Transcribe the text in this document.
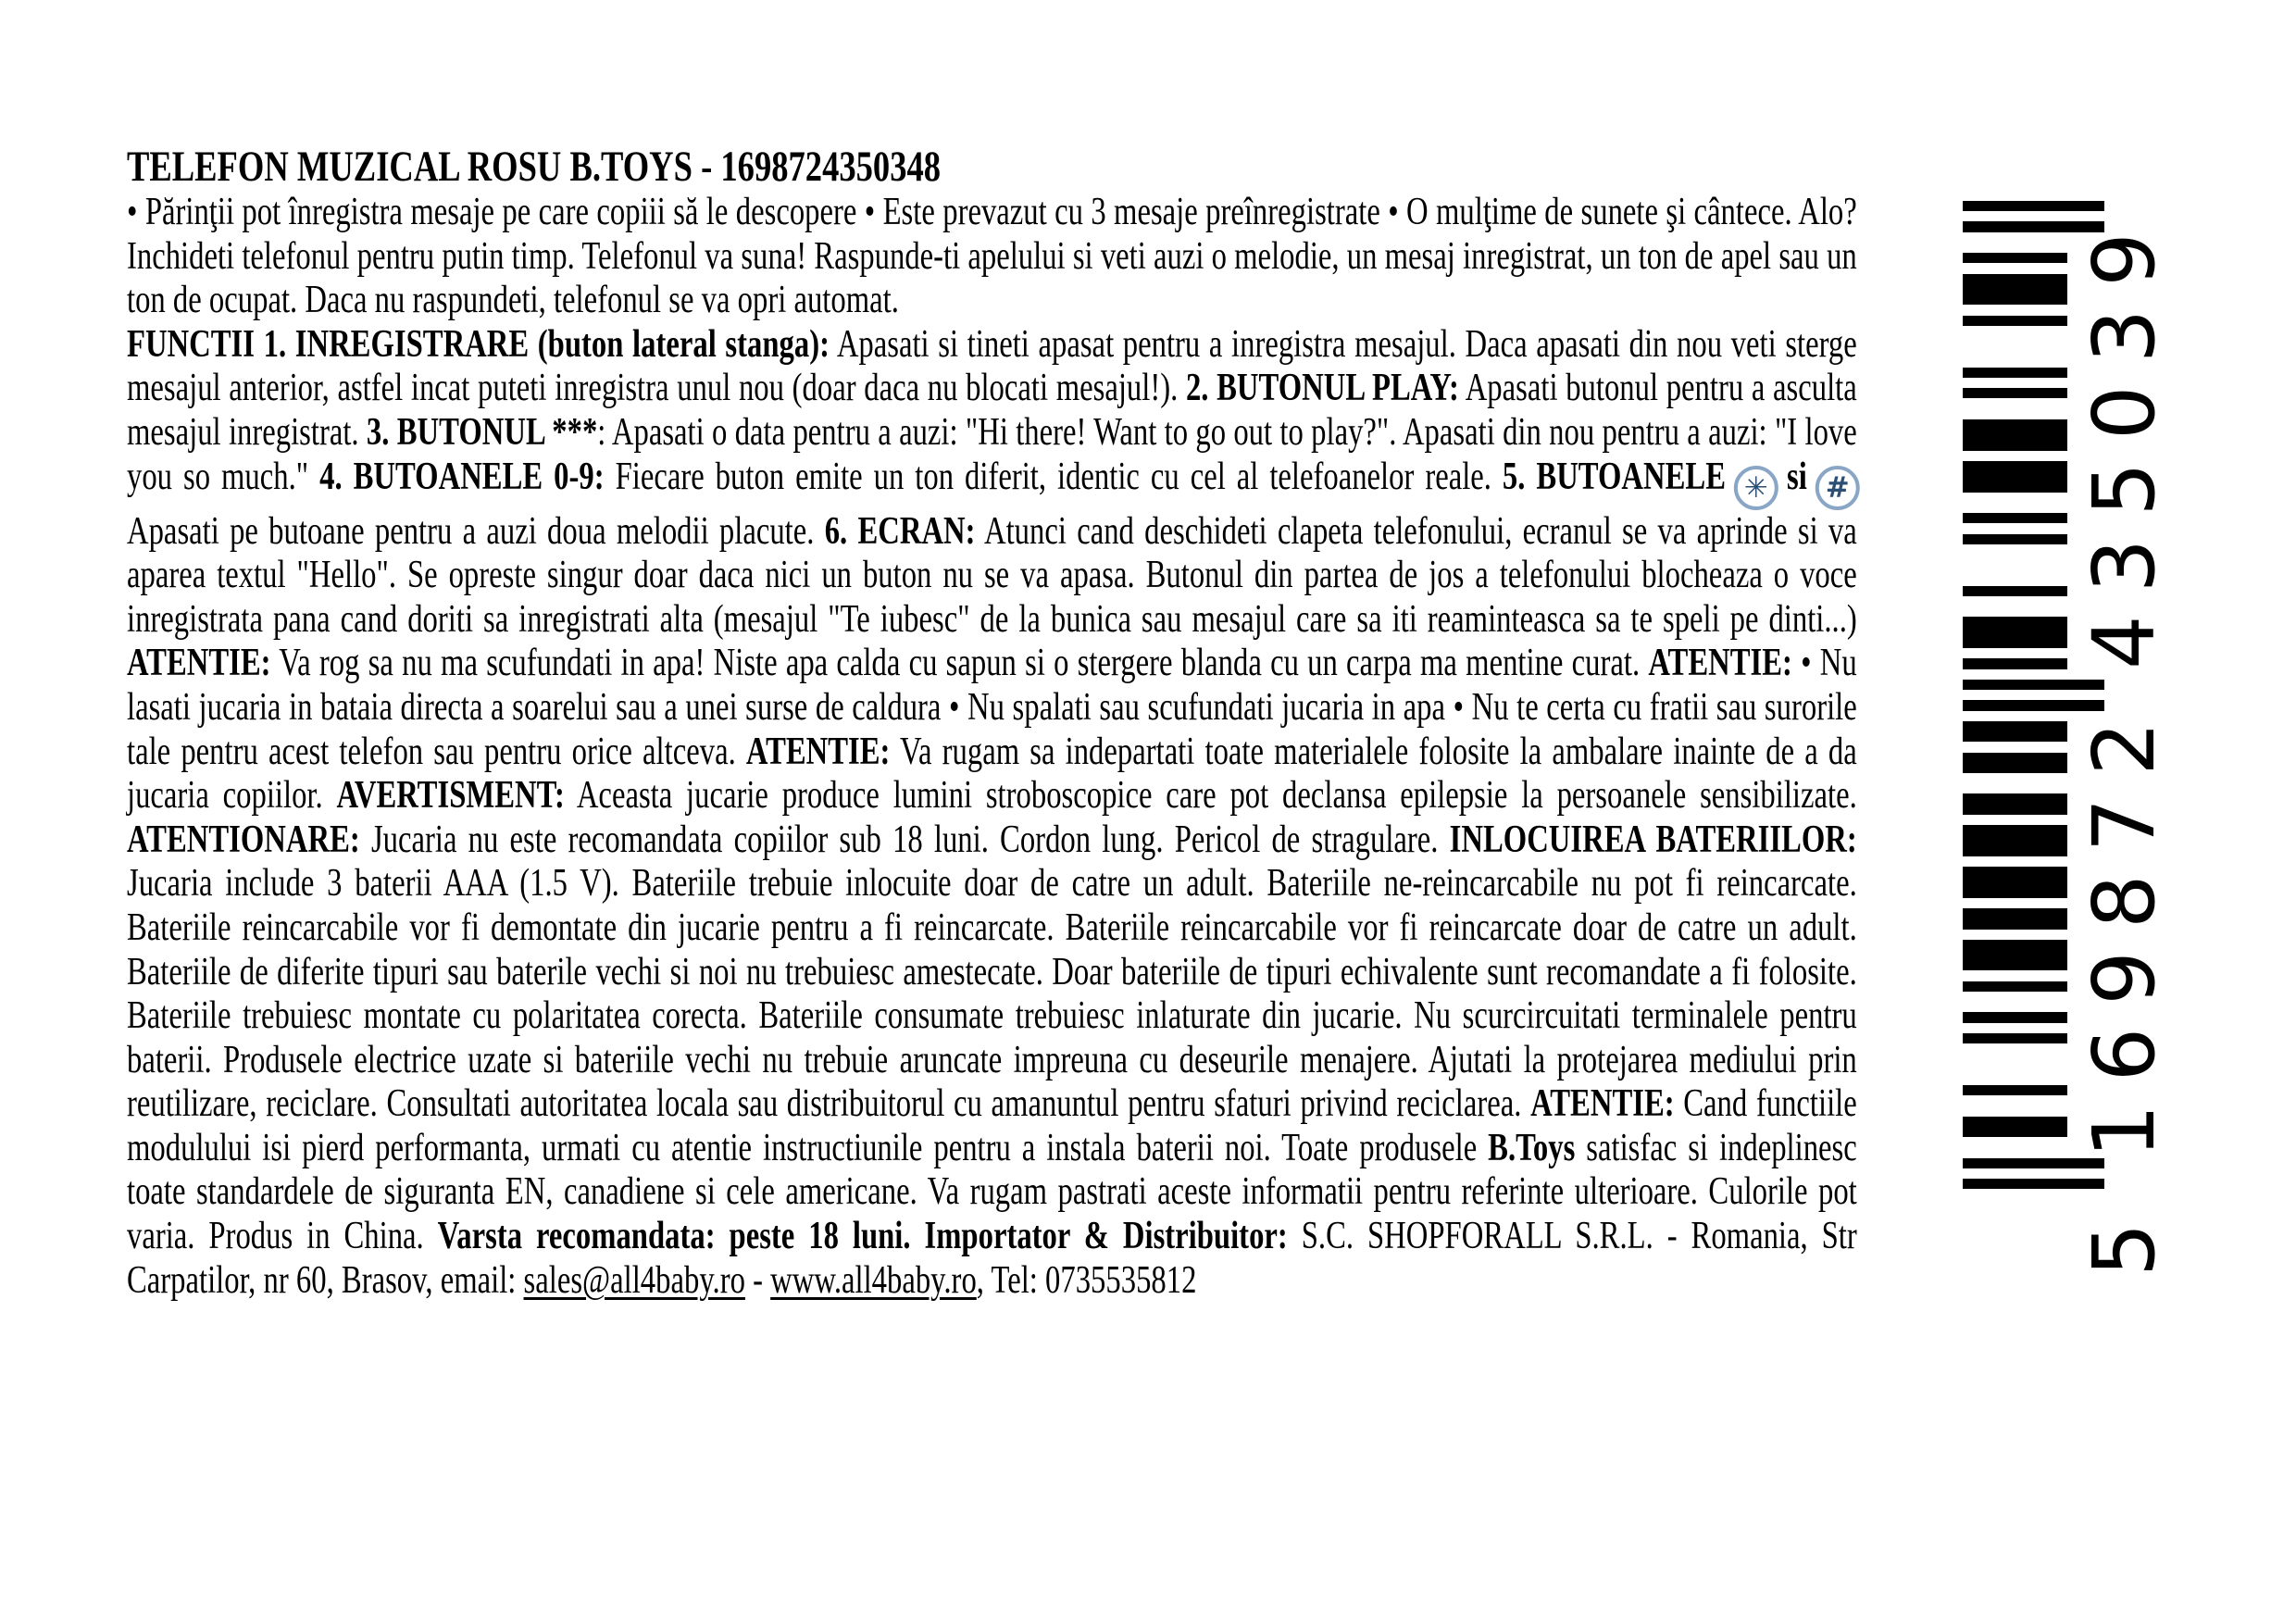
TELEFON MUZICAL ROSU B.TOYS - 1698724350348

• Părinţii pot înregistra mesaje pe care copiii să le descopere • Este prevazut cu 3 mesaje preînregistrate • O mulţime de sunete şi cântece. Alo? Inchideti telefonul pentru putin timp. Telefonul va suna! Raspunde-ti apelului si veti auzi o melodie, un mesaj inregistrat, un ton de apel sau un ton de ocupat. Daca nu raspundeti, telefonul se va opri automat.

FUNCTII 1. INREGISTRARE (buton lateral stanga): Apasati si tineti apasat pentru a inregistra mesajul. Daca apasati din nou veti sterge mesajul anterior, astfel incat puteti inregistra unul nou (doar daca nu blocati mesajul!). 2. BUTONUL PLAY: Apasati butonul pentru a asculta mesajul inregistrat. 3. BUTONUL ***: Apasati o data pentru a auzi: "Hi there! Want to go out to play?". Apasati din nou pentru a auzi: "I love you so much." 4. BUTOANELE 0-9: Fiecare buton emite un ton diferit, identic cu cel al telefoanelor reale. 5. BUTOANELE ✳ si # Apasati pe butoane pentru a auzi doua melodii placute. 6. ECRAN: Atunci cand deschideti clapeta telefonului, ecranul se va aprinde si va aparea textul "Hello". Se opreste singur doar daca nici un buton nu se va apasa. Butonul din partea de jos a telefonului blocheaza o voce inregistrata pana cand doriti sa inregistrati alta (mesajul "Te iubesc" de la bunica sau mesajul care sa iti reaminteasca sa te speli pe dinti...) ATENTIE: Va rog sa nu ma scufundati in apa! Niste apa calda cu sapun si o stergere blanda cu un carpa ma mentine curat. ATENTIE: • Nu lasati jucaria in bataia directa a soarelui sau a unei surse de caldura • Nu spalati sau scufundati jucaria in apa • Nu te certa cu fratii sau surorile tale pentru acest telefon sau pentru orice altceva. ATENTIE: Va rugam sa indepartati toate materialele folosite la ambalare inainte de a da jucaria copiilor. AVERTISMENT: Aceasta jucarie produce lumini stroboscopice care pot declansa epilepsie la persoanele sensibilizate. ATENTIONARE: Jucaria nu este recomandata copiilor sub 18 luni. Cordon lung. Pericol de stragulare. INLOCUIREA BATERIILOR: Jucaria include 3 baterii AAA (1.5 V). Bateriile trebuie inlocuite doar de catre un adult. Bateriile ne-reincarcabile nu pot fi reincarcate. Bateriile reincarcabile vor fi demontate din jucarie pentru a fi reincarcate. Bateriile reincarcabile vor fi reincarcate doar de catre un adult. Bateriile de diferite tipuri sau baterile vechi si noi nu trebuiesc amestecate. Doar bateriile de tipuri echivalente sunt recomandate a fi folosite. Bateriile trebuiesc montate cu polaritatea corecta. Bateriile consumate trebuiesc inlaturate din jucarie. Nu scurcircuitati terminalele pentru baterii. Produsele electrice uzate si bateriile vechi nu trebuie aruncate impreuna cu deseurile menajere. Ajutati la protejarea mediului prin reutilizare, reciclare. Consultati autoritatea locala sau distribuitorul cu amanuntul pentru sfaturi privind reciclarea. ATENTIE: Cand functiile modulului isi pierd performanta, urmati cu atentie instructiunile pentru a instala baterii noi. Toate produsele B.Toys satisfac si indeplinesc toate standardele de siguranta EN, canadiene si cele americane. Va rugam pastrati aceste informatii pentru referinte ulterioare. Culorile pot varia. Produs in China. Varsta recomandata: peste 18 luni. Importator & Distribuitor: S.C. SHOPFORALL S.R.L. - Romania, Str Carpatilor, nr 60, Brasov, email: sales@all4baby.ro - www.all4baby.ro, Tel: 0735535812

5
1
6
9
8
7
2
4
3
5
0
3
9
